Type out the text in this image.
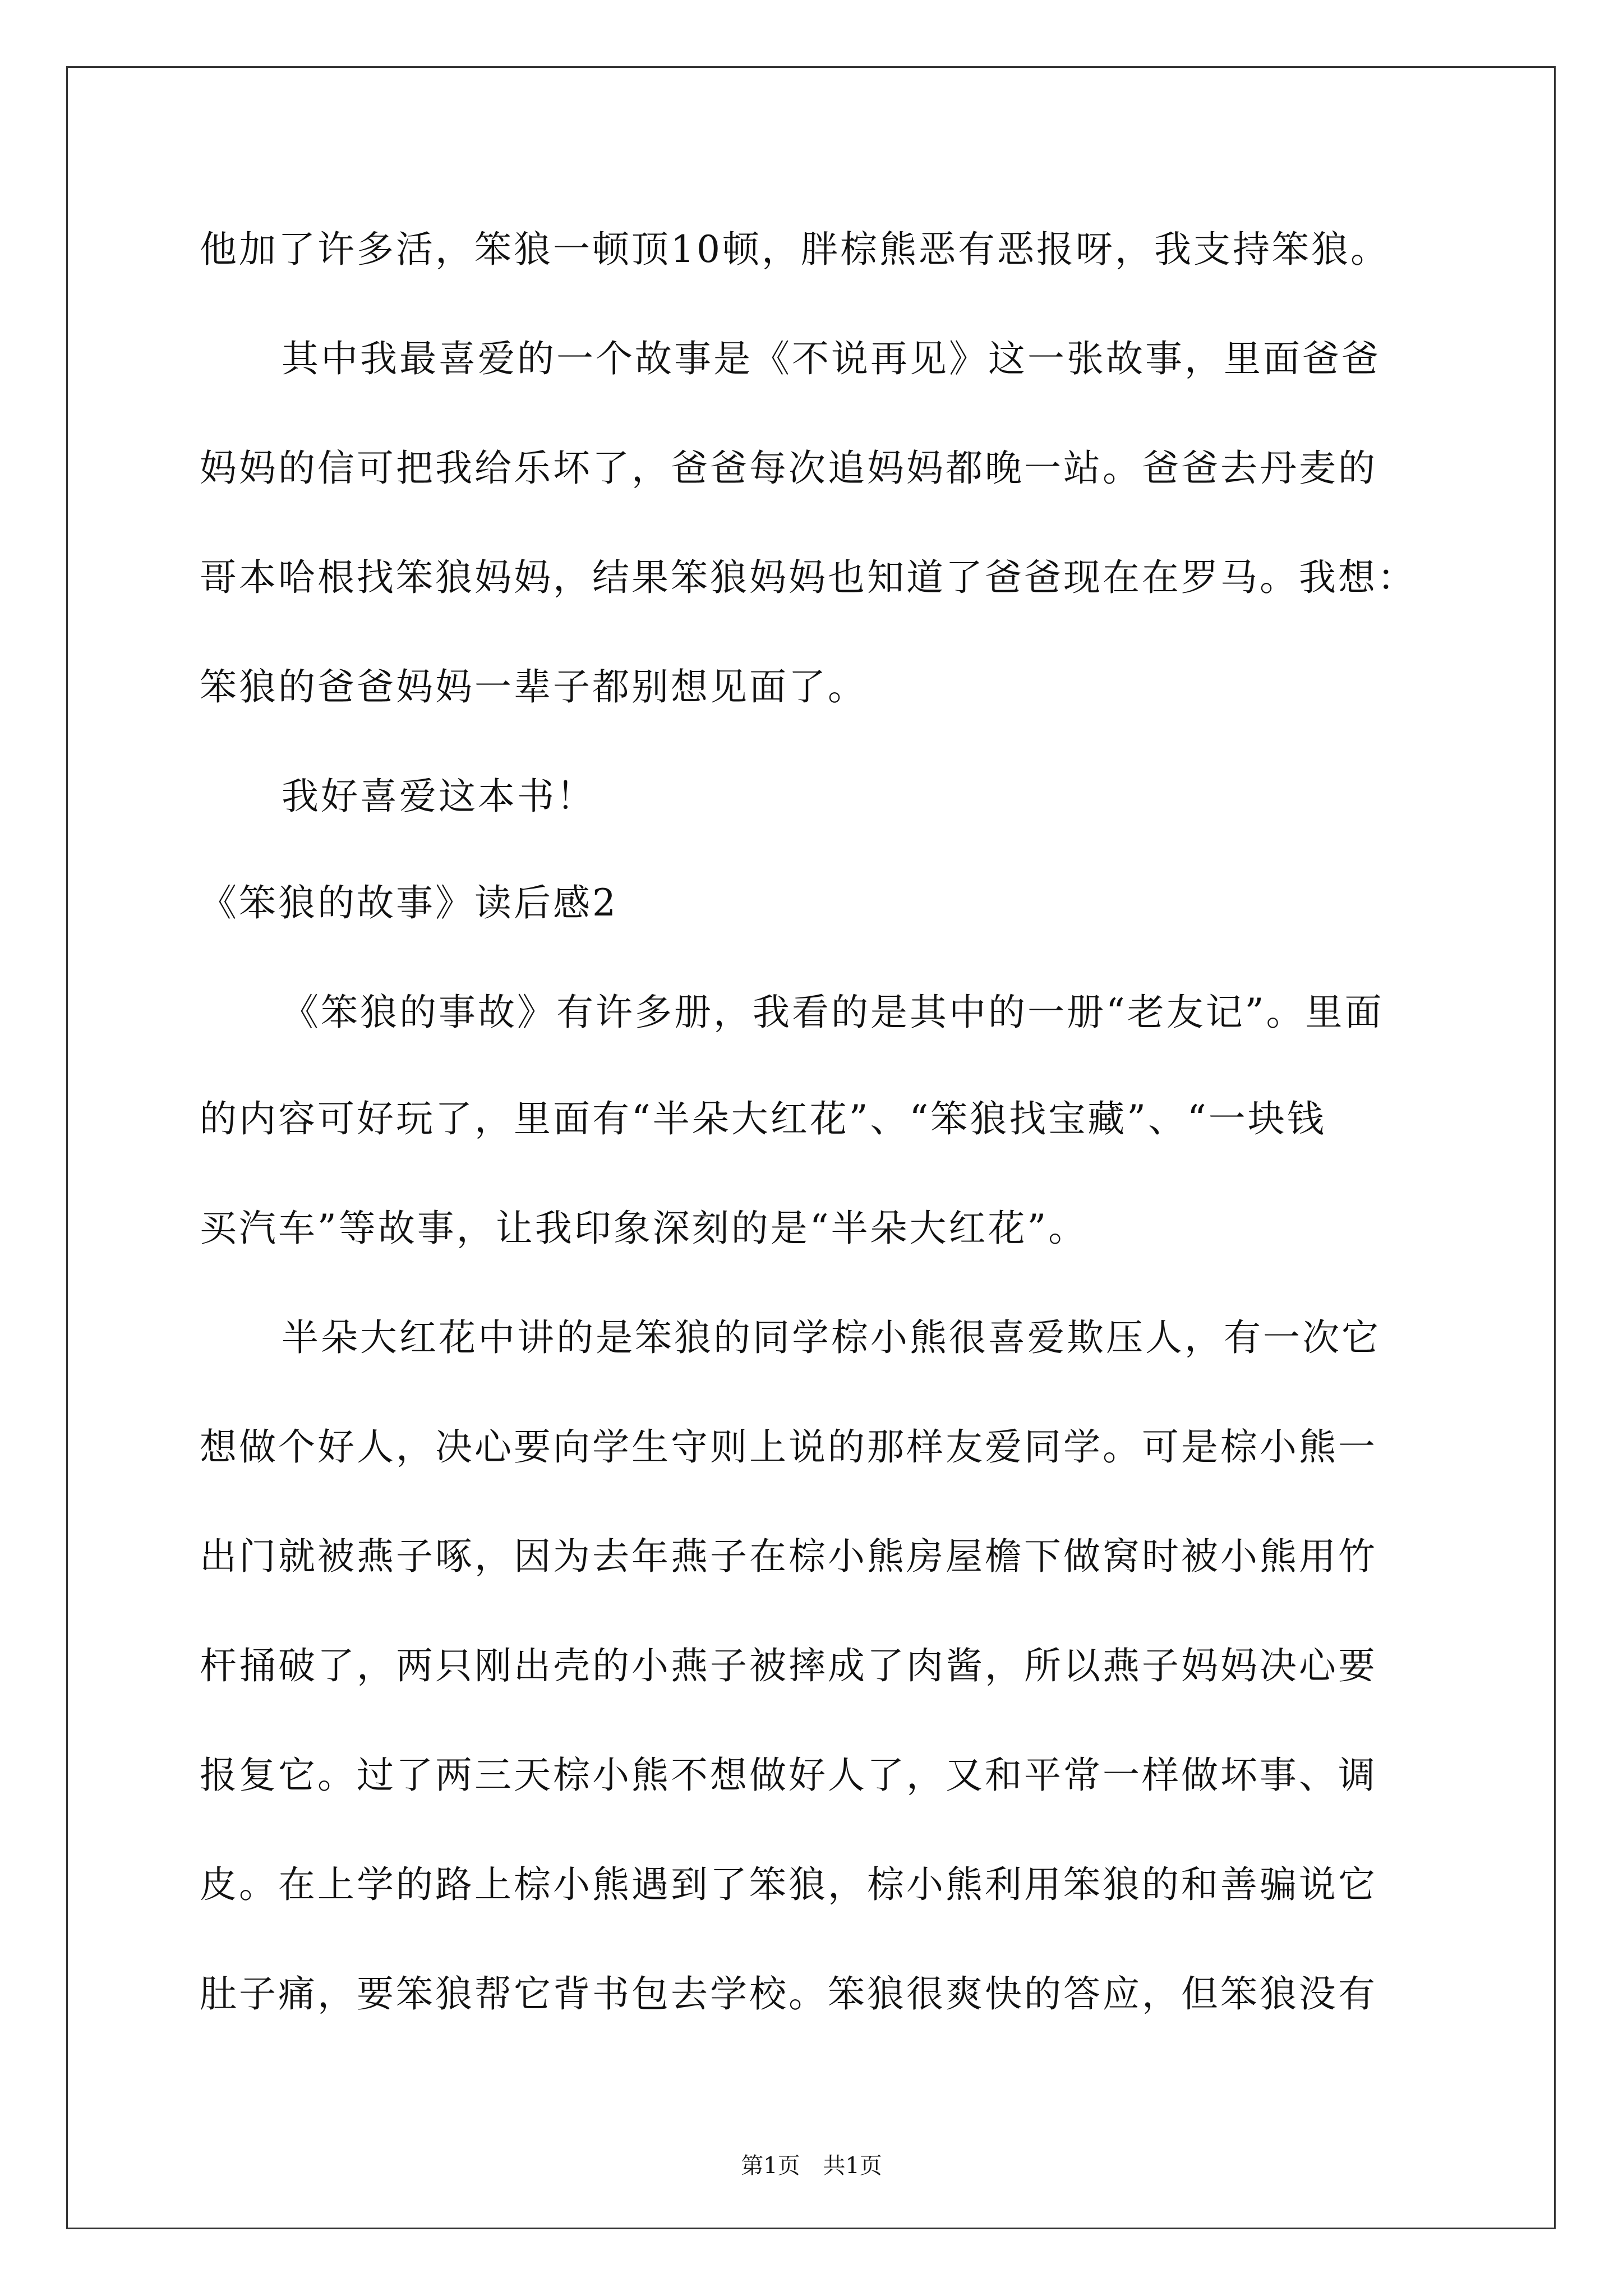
他加了许多活，笨狼一顿顶10顿，胖棕熊恶有恶报呀，我支持笨狼。
其中我最喜爱的一个故事是《不说再见》这一张故事，里面爸爸
妈妈的信可把我给乐坏了，爸爸每次追妈妈都晚一站。爸爸去丹麦的
哥本哈根找笨狼妈妈，结果笨狼妈妈也知道了爸爸现在在罗马。我想：
笨狼的爸爸妈妈一辈子都别想见面了。
我好喜爱这本书！
《笨狼的故事》读后感2
《笨狼的事故》有许多册，我看的是其中的一册“老友记”。里面
的内容可好玩了，里面有“半朵大红花”、“笨狼找宝藏”、“一块钱
买汽车”等故事，让我印象深刻的是“半朵大红花”。
半朵大红花中讲的是笨狼的同学棕小熊很喜爱欺压人，有一次它
想做个好人，决心要向学生守则上说的那样友爱同学。可是棕小熊一
出门就被燕子啄，因为去年燕子在棕小熊房屋檐下做窝时被小熊用竹
杆捅破了，两只刚出壳的小燕子被摔成了肉酱，所以燕子妈妈决心要
报复它。过了两三天棕小熊不想做好人了，又和平常一样做坏事、调
皮。在上学的路上棕小熊遇到了笨狼，棕小熊利用笨狼的和善骗说它
肚子痛，要笨狼帮它背书包去学校。笨狼很爽快的答应，但笨狼没有
第1页 共1页
